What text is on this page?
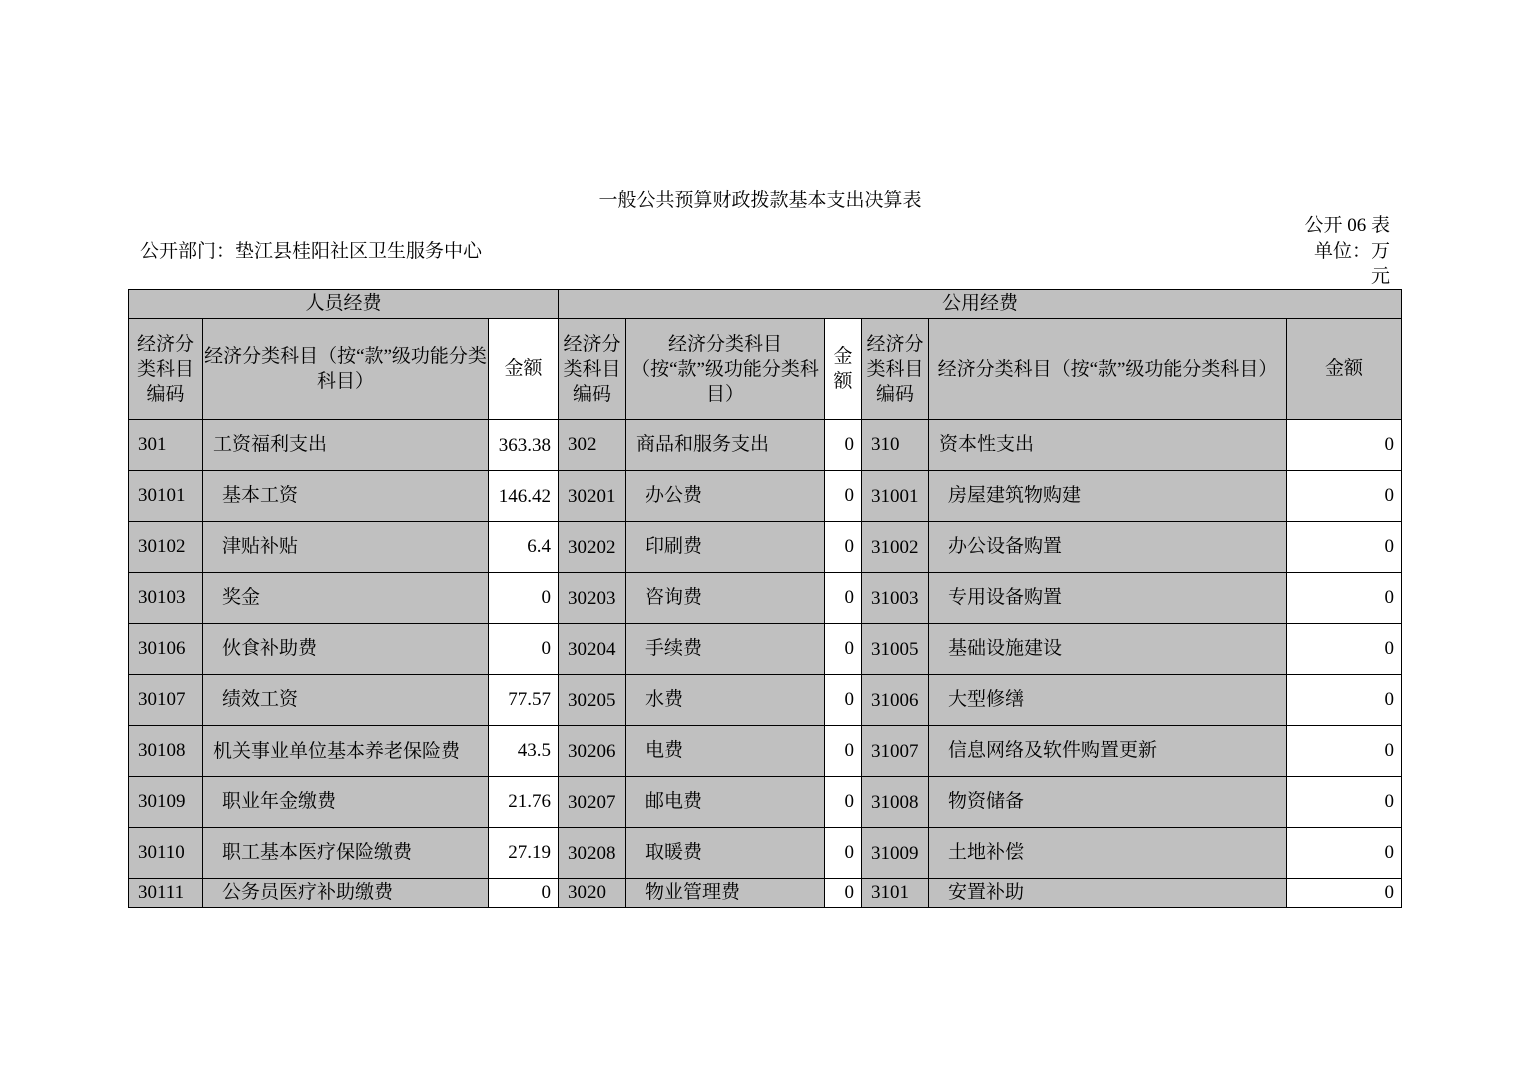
一般公共预算财政拨款基本支出决算表
公开 06 表
公开部门：垫江县桂阳社区卫生服务中心	单位：万元
人员经费			公用经费					
经济分类科目编码	经济分类科目（按“款”级功能分类科目）	金额	经济分类科目编码	经济分类科目（按“款”级功能分类科目）	金额	经济分类科目编码	经济分类科目（按“款”级功能分类科目）	金额
301	工资福利支出	363.38	302	商品和服务支出	0	310	资本性支出	0
30101	基本工资	146.42	30201	办公费	0	31001	房屋建筑物购建	0
30102	津贴补贴	6.4	30202	印刷费	0	31002	办公设备购置	0
30103	奖金	0	30203	咨询费	0	31003	专用设备购置	0
30106	伙食补助费	0	30204	手续费	0	31005	基础设施建设	0
30107	绩效工资	77.57	30205	水费	0	31006	大型修缮	0
30108	机关事业单位基本养老保险费	43.5	30206	电费	0	31007	信息网络及软件购置更新	0
30109	职业年金缴费	21.76	30207	邮电费	0	31008	物资储备	0
30110	职工基本医疗保险缴费	27.19	30208	取暖费	0	31009	土地补偿	0
30111	公务员医疗补助缴费	0	3020	物业管理费	0	3101	安置补助	0
